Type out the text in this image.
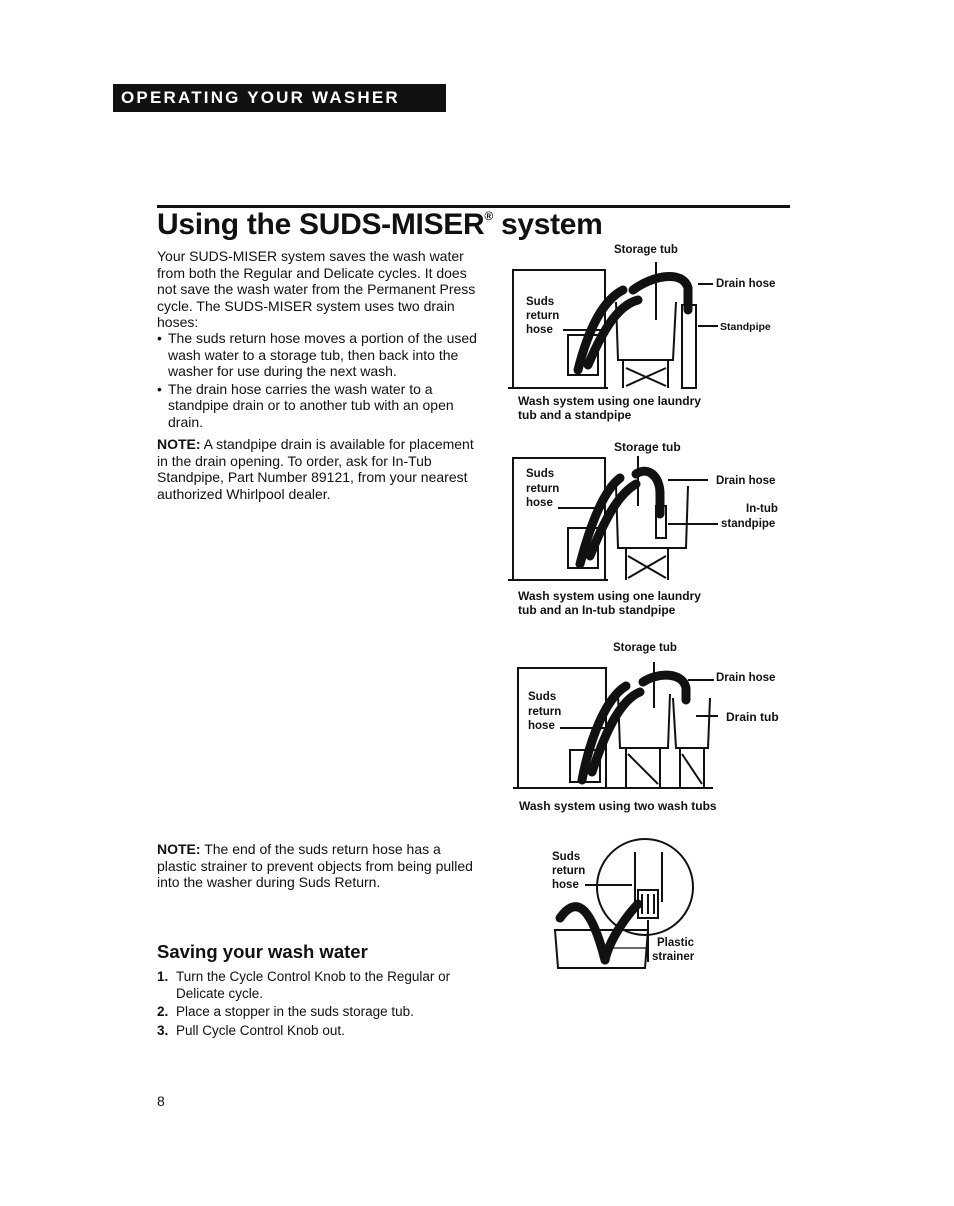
OPERATING YOUR WASHER
Using the SUDS-MISER® system
Your SUDS-MISER system saves the wash water from both the Regular and Delicate cycles. It does not save the wash water from the Permanent Press cycle. The SUDS-MISER system uses two drain hoses:
• The suds return hose moves a portion of the used wash water to a storage tub, then back into the washer for use during the next wash.
• The drain hose carries the wash water to a standpipe drain or to another tub with an open drain.
NOTE: A standpipe drain is available for placement in the drain opening. To order, ask for In-Tub Standpipe, Part Number 89121, from your nearest authorized Whirlpool dealer.
NOTE: The end of the suds return hose has a plastic strainer to prevent objects from being pulled into the washer during Suds Return.
Saving your wash water
1. Turn the Cycle Control Knob to the Regular or Delicate cycle.
2. Place a stopper in the suds storage tub.
3. Pull Cycle Control Knob out.
8
Storage tub
Drain hose
Standpipe
Suds
return
hose
Wash system using one laundry
tub and a standpipe
Storage tub
Drain hose
In-tub
standpipe
Suds
return
hose
Wash system using one laundry
tub and an In-tub standpipe
Storage tub
Drain hose
Drain tub
Suds
return
hose
Wash system using two wash tubs
Suds
return
hose
Plastic
strainer
